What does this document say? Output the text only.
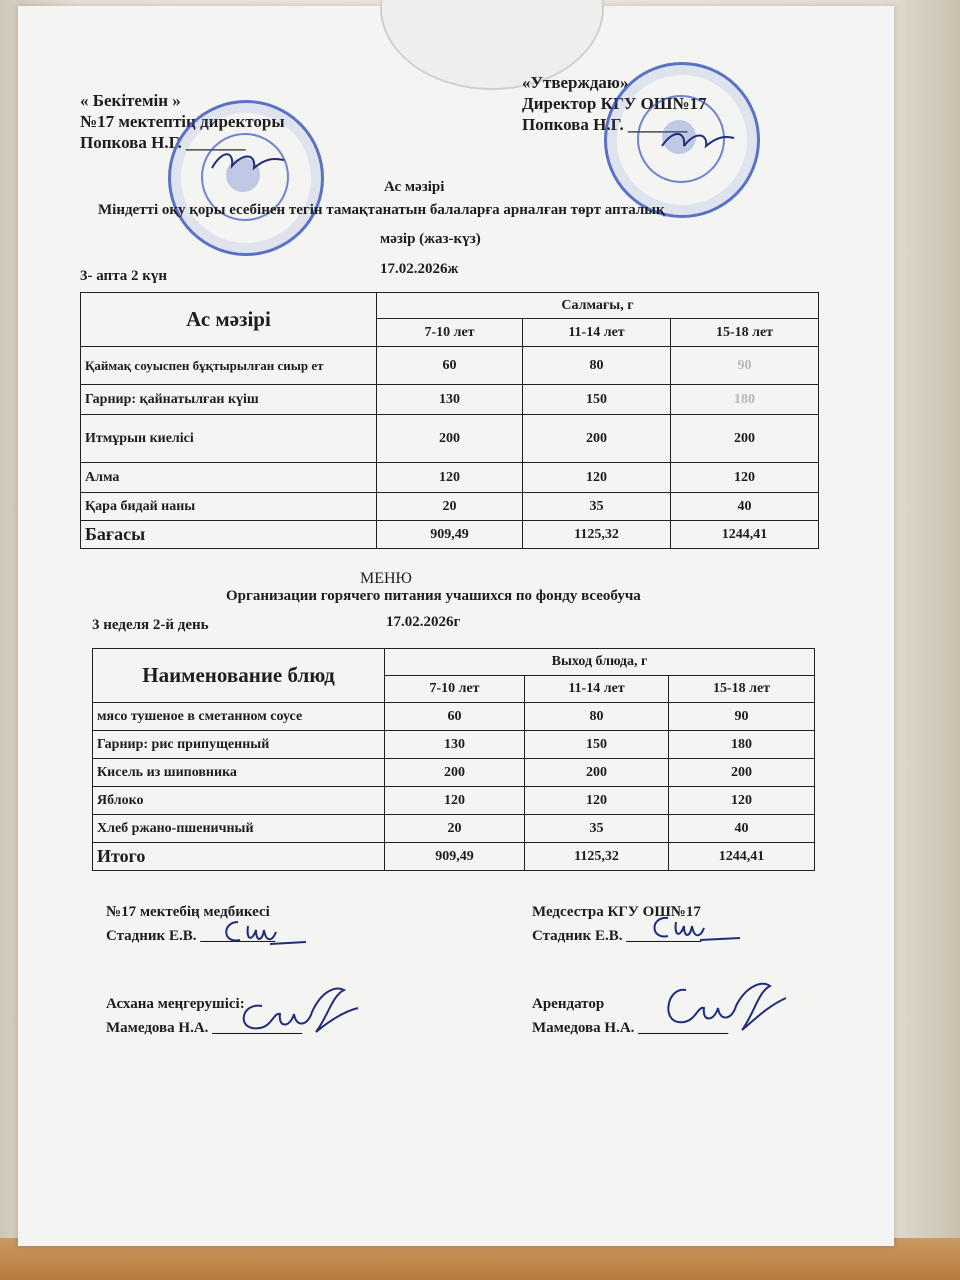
« Бекітемін »
№17 мектептің директоры
Попкова Н.Г. _______
«Утверждаю»
Директор КГУ ОШ№17
Попкова Н.Г. _______
Ас мәзірі
Міндетті оқу қоры есебінен тегін тамақтанатын балаларға арналған төрт апталық
мәзір (жаз-күз)
3- апта 2 күн	17.02.2026ж
Ас мәзірі	Салмағы, г		
	7-10 лет	11-14 лет	15-18 лет
Қаймақ соуыспен бұқтырылған сиыр ет	60	80	90
Гарнир: қайнатылған күіш	130	150	180
Итмұрын киелісі	200	200	200
Алма	120	120	120
Қара бидай наны	20	35	40
Бағасы	909,49	1125,32	1244,41
МЕНЮ
Организации горячего питания учашихся по фонду всеобуча
3 неделя 2-й день	17.02.2026г
Наименование блюд	Выход блюда, г		
	7-10 лет	11-14 лет	15-18 лет
мясо тушеное в сметанном соусе	60	80	90
Гарнир: рис припущенный	130	150	180
Кисель из шиповника	200	200	200
Яблоко	120	120	120
Хлеб ржано-пшеничный	20	35	40
Итого	909,49	1125,32	1244,41
№17 мектебің медбикесі
Стадник Е.В. __________
Медсестра КГУ ОШ№17
Стадник Е.В. __________
Асхана меңгерушісі:
Мамедова Н.А. ____________
Арендатор
Мамедова Н.А. ____________
